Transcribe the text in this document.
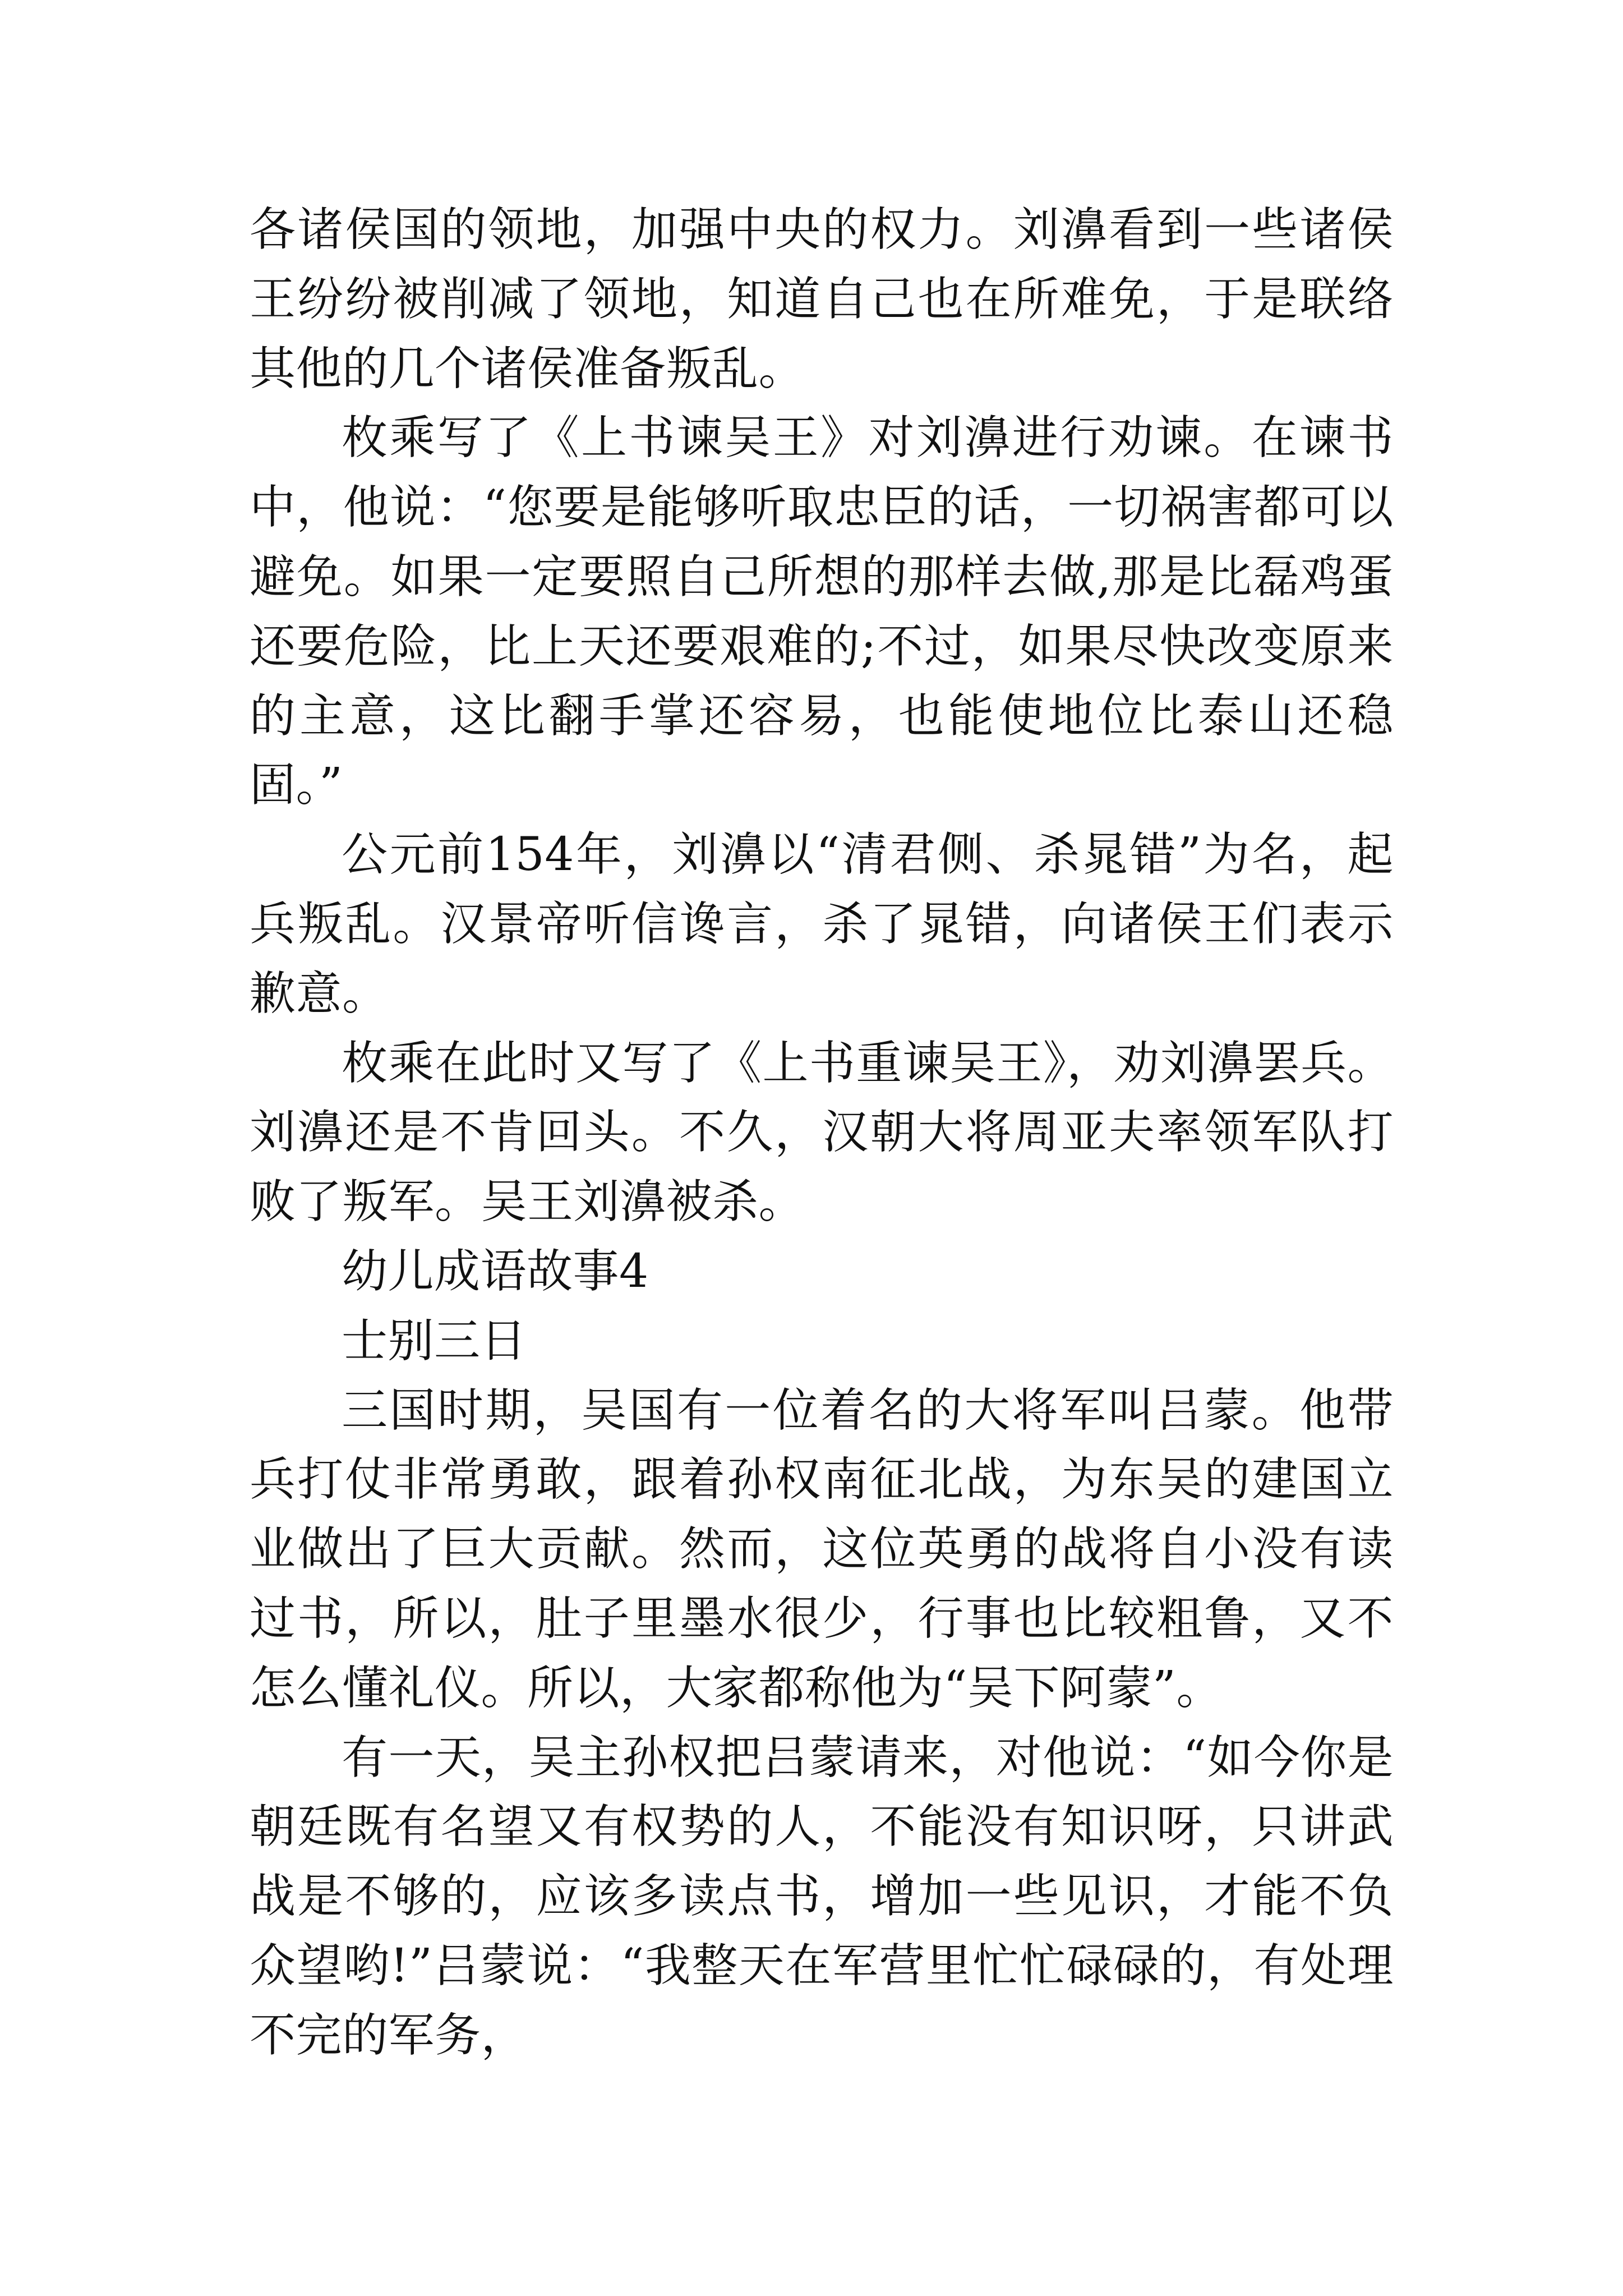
各诸侯国的领地，加强中央的权力。刘濞看到一些诸侯王纷纷被削减了领地，知道自己也在所难免，于是联络其他的几个诸侯准备叛乱。

枚乘写了《上书谏吴王》对刘濞进行劝谏。在谏书中，他说：“您要是能够听取忠臣的话，一切祸害都可以避免。如果一定要照自己所想的那样去做,那是比磊鸡蛋还要危险，比上天还要艰难的;不过，如果尽快改变原来的主意，这比翻手掌还容易，也能使地位比泰山还稳固。”

公元前154年，刘濞以“清君侧、杀晁错”为名，起兵叛乱。汉景帝听信谗言，杀了晁错，向诸侯王们表示歉意。

枚乘在此时又写了《上书重谏吴王》，劝刘濞罢兵。刘濞还是不肯回头。不久，汉朝大将周亚夫率领军队打败了叛军。吴王刘濞被杀。

幼儿成语故事4

士别三日

三国时期，吴国有一位着名的大将军叫吕蒙。他带兵打仗非常勇敢，跟着孙权南征北战，为东吴的建国立业做出了巨大贡献。然而，这位英勇的战将自小没有读过书，所以，肚子里墨水很少，行事也比较粗鲁，又不怎么懂礼仪。所以，大家都称他为“吴下阿蒙”。

有一天，吴主孙权把吕蒙请来，对他说：“如今你是朝廷既有名望又有权势的人，不能没有知识呀，只讲武战是不够的，应该多读点书，增加一些见识，才能不负众望哟!”吕蒙说：“我整天在军营里忙忙碌碌的，有处理不完的军务，
